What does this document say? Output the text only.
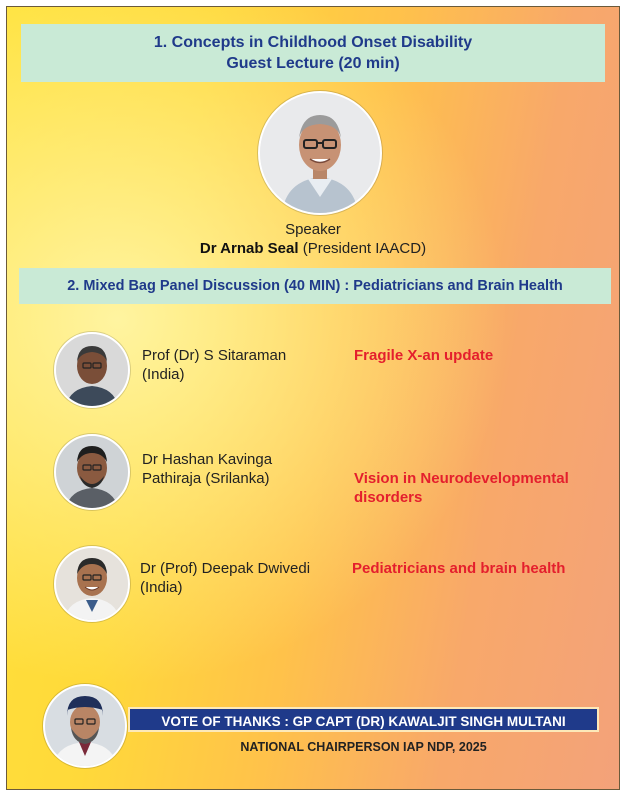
1. Concepts in Childhood Onset Disability
Guest Lecture (20 min)
Speaker
Dr Arnab Seal (President IAACD)
2. Mixed Bag Panel Discussion (40 MIN) : Pediatricians and Brain Health
Prof (Dr) S Sitaraman
(India)
Fragile X-an update
Dr Hashan Kavinga
Pathiraja (Srilanka)	Vision in Neurodevelopmental
disorders
Dr (Prof) Deepak Dwivedi
(India)
Pediatricians and brain health
VOTE OF THANKS : GP CAPT (DR) KAWALJIT SINGH MULTANI
NATIONAL CHAIRPERSON IAP NDP, 2025
